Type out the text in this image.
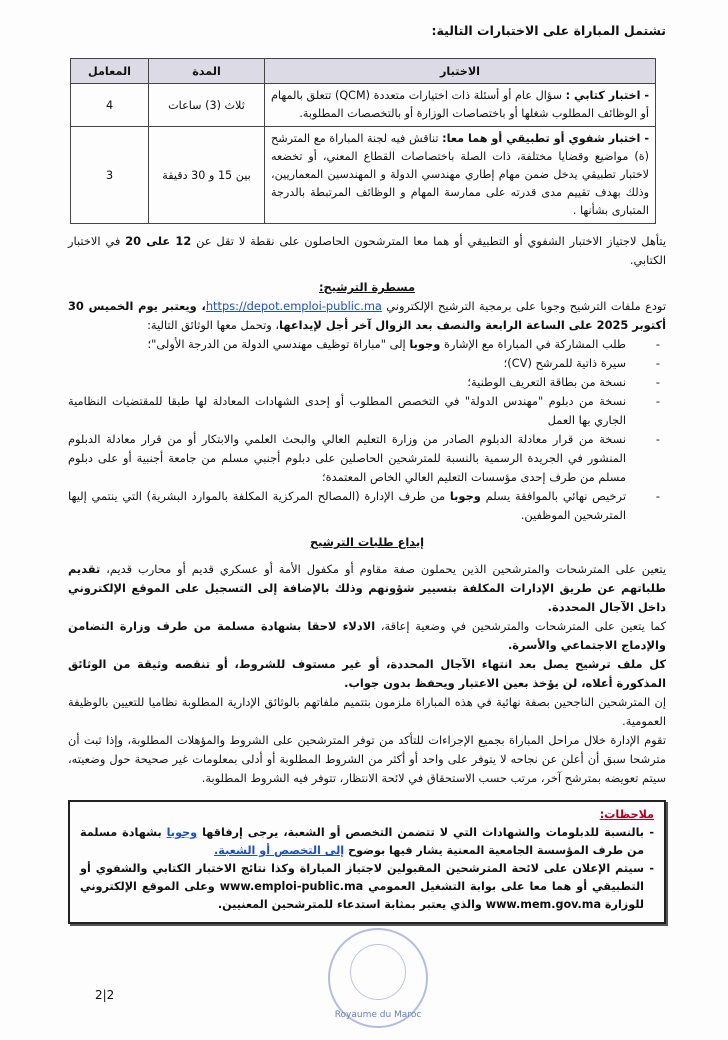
تشتمل المباراة على الاختبارات التالية:
الاختبار	المدة	المعامل
- اختبار كتابي : سؤال عام أو أسئلة ذات اختيارات متعددة (QCM) تتعلق بالمهام أو الوظائف المطلوب شغلها أو باختصاصات الوزارة أو بالتخصصات المطلوبة.	ثلاث (3) ساعات	4
- اختبار شفوي أو تطبيقي أو هما معا: تناقش فيه لجنة المباراة مع المترشح (ة) مواضيع وقضايا مختلفة، ذات الصلة باختصاصات القطاع المعني، أو تخضعه لاختبار تطبيقي يدخل ضمن مهام إطاري مهندسي الدولة و المهندسين المعماريين، وذلك بهدف تقييم مدى قدرته على ممارسة المهام و الوظائف المرتبطة بالدرجة المتبارى بشأنها .	بين 15 و 30 دقيقة	3
يتأهل لاجتياز الاختبار الشفوي أو التطبيقي أو هما معا المترشحون الحاصلون على نقطة لا تقل عن 12 على 20 في الاختبار الكتابي.
مسطرة الترشيح:
تودع ملفات الترشيح وجوبا على برمجية الترشيح الإلكتروني https://depot.emploi-public.ma، ويعتبر يوم الخميس 30 أكتوبر 2025 على الساعة الرابعة والنصف بعد الزوال آخر أجل لإيداعها، وتحمل معها الوثائق التالية:
- طلب المشاركة في المباراة مع الإشارة وجوبا إلى "مباراة توظيف مهندسي الدولة من الدرجة الأولى"؛
- سيرة ذاتية للمرشح (CV)؛
- نسخة من بطاقة التعريف الوطنية؛
- نسخة من دبلوم "مهندس الدولة" في التخصص المطلوب أو إحدى الشهادات المعادلة لها طبقا للمقتضيات النظامية الجاري بها العمل
- نسخة من قرار معادلة الدبلوم الصادر من وزارة التعليم العالي والبحث العلمي والابتكار أو من قرار معادلة الدبلوم المنشور في الجريدة الرسمية بالنسبة للمترشحين الحاصلين على دبلوم أجنبي مسلم من جامعة أجنبية أو على دبلوم مسلم من طرف إحدى مؤسسات التعليم العالي الخاص المعتمدة؛
- ترخيص نهائي بالموافقة يسلم وجوبا من طرف الإدارة (المصالح المركزية المكلفة بالموارد البشرية) التي ينتمي إليها المترشحين الموظفين.
إيداع طلبات الترشيح
يتعين على المترشحات والمترشحين الذين يحملون صفة مقاوم أو مكفول الأمة أو عسكري قديم أو محارب قديم، تقديم طلباتهم عن طريق الإدارات المكلفة بتسيير شؤونهم وذلك بالإضافة إلى التسجيل على الموقع الإلكتروني داخل الآجال المحددة.
كما يتعين على المترشحات والمترشحين في وضعية إعاقة، الادلاء لاحقا بشهادة مسلمة من طرف وزارة التضامن والإدماج الاجتماعي والأسرة.
كل ملف ترشيح يصل بعد انتهاء الآجال المحددة، أو غير مستوف للشروط، أو تنقصه وثيقة من الوثائق المذكورة أعلاه، لن يؤخذ بعين الاعتبار ويحفظ بدون جواب.
إن المترشحين الناجحين بصفة نهائية في هذه المباراة ملزمون بتتميم ملفاتهم بالوثائق الإدارية المطلوبة نظاميا للتعيين بالوظيفة العمومية.
تقوم الإدارة خلال مراحل المباراة بجميع الإجراءات للتأكد من توفر المترشحين على الشروط والمؤهلات المطلوبة، وإذا ثبت أن مترشحا سبق أن أعلن عن نجاحه لا يتوفر على واحد أو أكثر من الشروط المطلوبة أو أدلى بمعلومات غير صحيحة حول وضعيته، سيتم تعويضه بمترشح آخر، مرتب حسب الاستحقاق في لائحة الانتظار، تتوفر فيه الشروط المطلوبة.
ملاحظات:
- بالنسبة للدبلومات والشهادات التي لا تتضمن التخصص أو الشعبة، يرجى إرفاقها وجوبا بشهادة مسلمة من طرف المؤسسة الجامعية المعنية يشار فيها بوضوح إلى التخصص أو الشعبة.
- سيتم الإعلان على لائحة المترشحين المقبولين لاجتياز المباراة وكذا نتائج الاختبار الكتابي والشفوي أو التطبيقي أو هما معا على بوابة التشغيل العمومي www.emploi-public.ma وعلى الموقع الإلكتروني للوزارة www.mem.gov.ma والذي يعتبر بمثابة استدعاء للمترشحين المعنيين.
2|2
Royaume du Maroc
